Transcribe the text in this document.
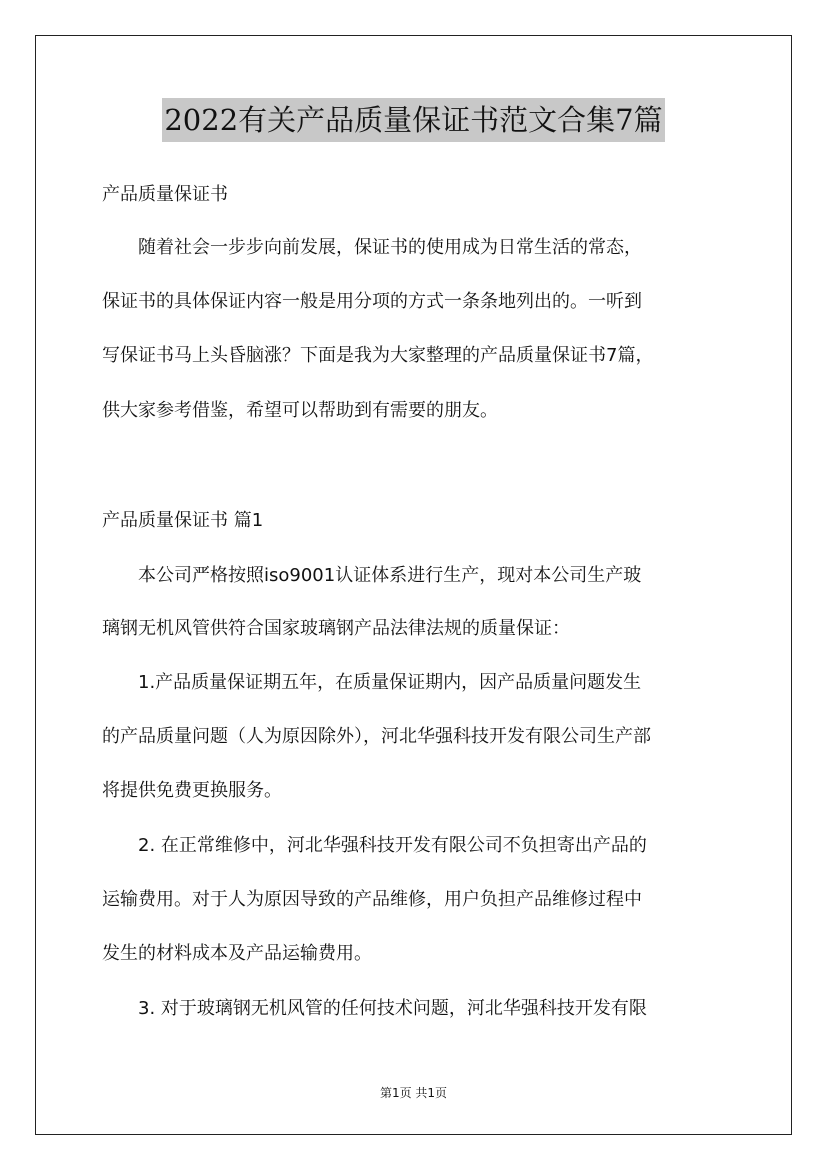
2022有关产品质量保证书范文合集7篇
产品质量保证书
　　随着社会一步步向前发展，保证书的使用成为日常生活的常态，
保证书的具体保证内容一般是用分项的方式一条条地列出的。一听到
写保证书马上头昏脑涨？下面是我为大家整理的产品质量保证书7篇，
供大家参考借鉴，希望可以帮助到有需要的朋友。
产品质量保证书 篇1
　　本公司严格按照iso9001认证体系进行生产，现对本公司生产玻
璃钢无机风管供符合国家玻璃钢产品法律法规的质量保证：
　　1.产品质量保证期五年，在质量保证期内，因产品质量问题发生
的产品质量问题（人为原因除外），河北华强科技开发有限公司生产部
将提供免费更换服务。
　　2. 在正常维修中，河北华强科技开发有限公司不负担寄出产品的
运输费用。对于人为原因导致的产品维修，用户负担产品维修过程中
发生的材料成本及产品运输费用。
　　3. 对于玻璃钢无机风管的任何技术问题，河北华强科技开发有限
第1页 共1页
